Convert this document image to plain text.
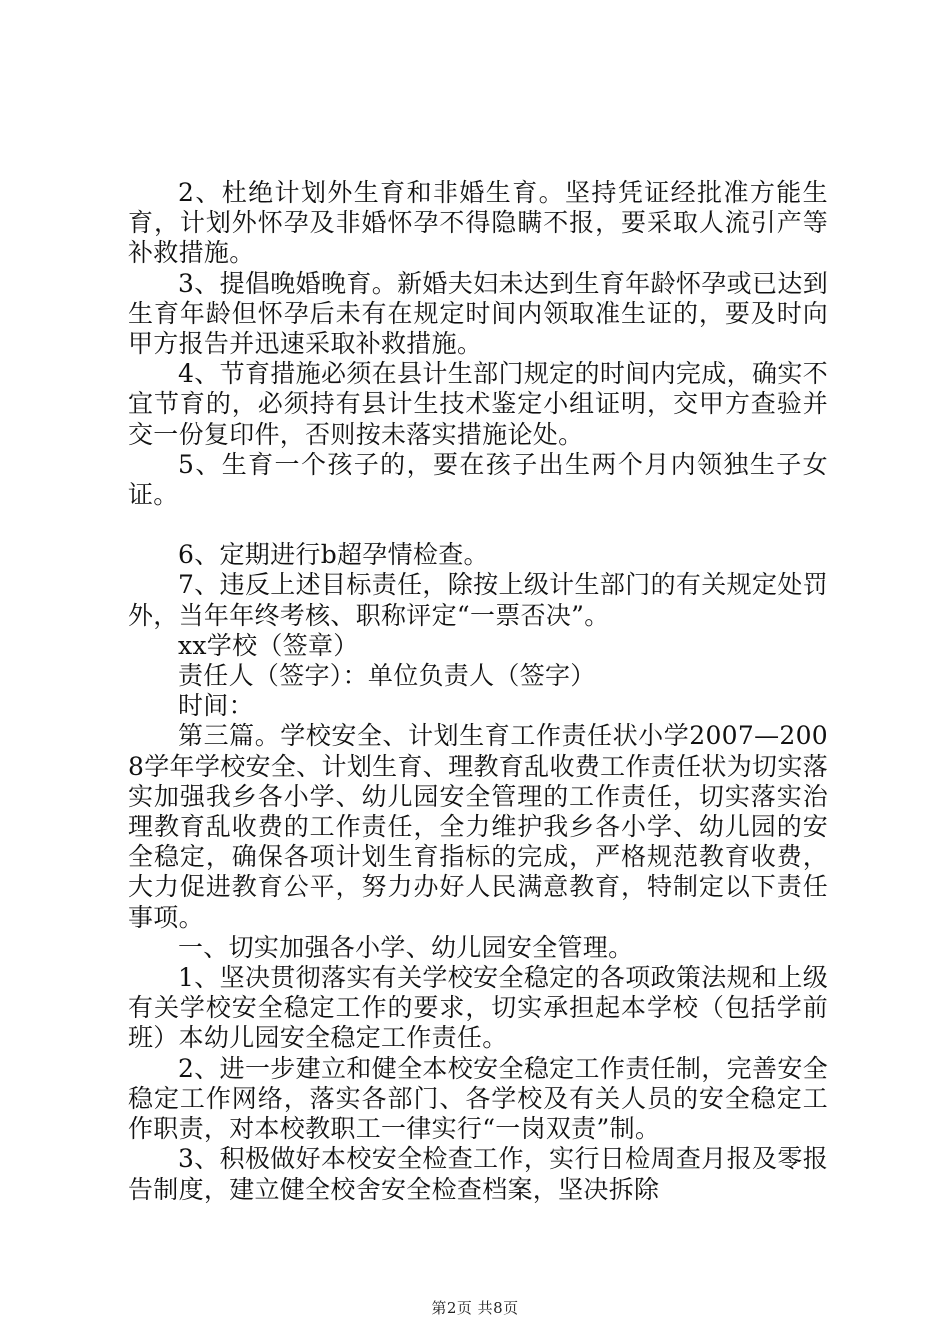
2、杜绝计划外生育和非婚生育。坚持凭证经批准方能生育，计划外怀孕及非婚怀孕不得隐瞒不报，要采取人流引产等补救措施。

3、提倡晚婚晚育。新婚夫妇未达到生育年龄怀孕或已达到生育年龄但怀孕后未有在规定时间内领取准生证的，要及时向甲方报告并迅速采取补救措施。

4、节育措施必须在县计生部门规定的时间内完成，确实不宜节育的，必须持有县计生技术鉴定小组证明，交甲方查验并交一份复印件，否则按未落实措施论处。

5、生育一个孩子的，要在孩子出生两个月内领独生子女证。

6、定期进行b超孕情检查。

7、违反上述目标责任，除按上级计生部门的有关规定处罚外，当年年终考核、职称评定“一票否决”。

xx学校（签章）

责任人（签字）：单位负责人（签字）

时间：

第三篇。学校安全、计划生育工作责任状小学2007—2008学年学校安全、计划生育、理教育乱收费工作责任状为切实落实加强我乡各小学、幼儿园安全管理的工作责任，切实落实治理教育乱收费的工作责任，全力维护我乡各小学、幼儿园的安全稳定，确保各项计划生育指标的完成，严格规范教育收费，大力促进教育公平，努力办好人民满意教育，特制定以下责任事项。

一、切实加强各小学、幼儿园安全管理。

1、坚决贯彻落实有关学校安全稳定的各项政策法规和上级有关学校安全稳定工作的要求，切实承担起本学校（包括学前班）本幼儿园安全稳定工作责任。

2、进一步建立和健全本校安全稳定工作责任制，完善安全稳定工作网络，落实各部门、各学校及有关人员的安全稳定工作职责，对本校教职工一律实行“一岗双责”制。

3、积极做好本校安全检查工作，实行日检周查月报及零报告制度，建立健全校舍安全检查档案，坚决拆除

第2页 共8页
